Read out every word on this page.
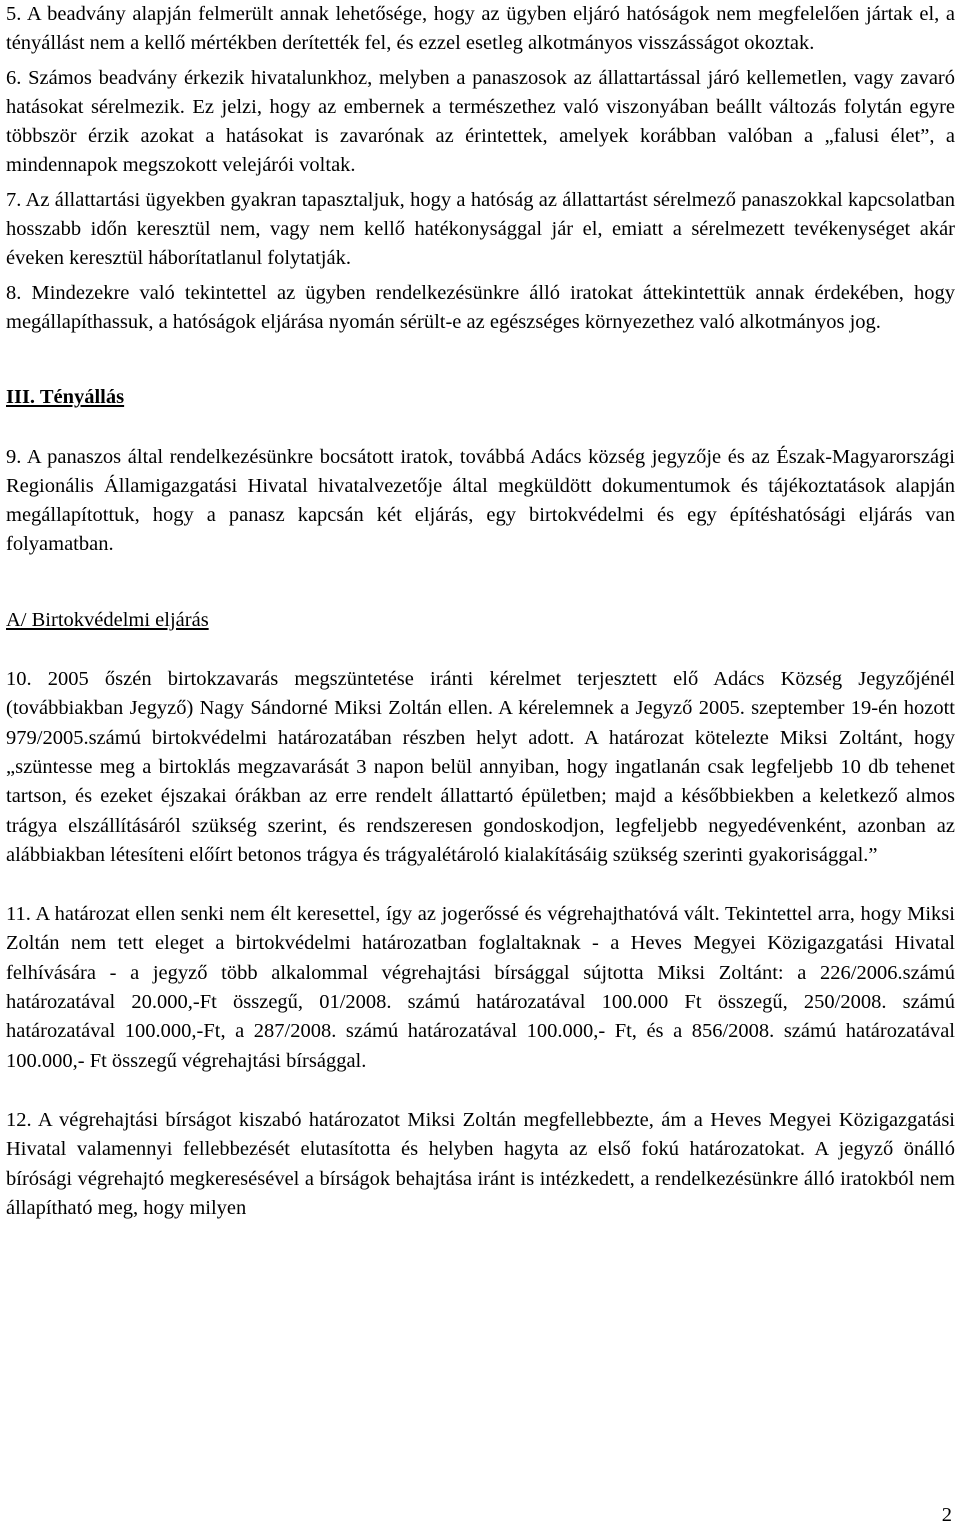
5. A beadvány alapján felmerült annak lehetősége, hogy az ügyben eljáró hatóságok nem megfelelően jártak el, a tényállást nem a kellő mértékben derítették fel, és ezzel esetleg alkotmányos visszásságot okoztak.

6. Számos beadvány érkezik hivatalunkhoz, melyben a panaszosok az állattartással járó kellemetlen, vagy zavaró hatásokat sérelmezik. Ez jelzi, hogy az embernek a természethez való viszonyában beállt változás folytán egyre többször érzik azokat a hatásokat is zavarónak az érintettek, amelyek korábban valóban a „falusi élet”, a mindennapok megszokott velejárói voltak.

7. Az állattartási ügyekben gyakran tapasztaljuk, hogy a hatóság az állattartást sérelmező panaszokkal kapcsolatban hosszabb időn keresztül nem, vagy nem kellő hatékonysággal jár el, emiatt a sérelmezett tevékenységet akár éveken keresztül háborítatlanul folytatják.

8. Mindezekre való tekintettel az ügyben rendelkezésünkre álló iratokat áttekintettük annak érdekében, hogy megállapíthassuk, a hatóságok eljárása nyomán sérült-e az egészséges környezethez való alkotmányos jog.

III. Tényállás

9. A panaszos által rendelkezésünkre bocsátott iratok, továbbá Adács község jegyzője és az Észak-Magyarországi Regionális Államigazgatási Hivatal hivatalvezetője által megküldött dokumentumok és tájékoztatások alapján megállapítottuk, hogy a panasz kapcsán két eljárás, egy birtokvédelmi és egy építéshatósági eljárás van folyamatban.

A/ Birtokvédelmi eljárás

10. 2005 őszén birtokzavarás megszüntetése iránti kérelmet terjesztett elő Adács Község Jegyzőjénél (továbbiakban Jegyző) Nagy Sándorné Miksi Zoltán ellen. A kérelemnek a Jegyző 2005. szeptember 19-én hozott 979/2005.számú birtokvédelmi határozatában részben helyt adott. A határozat kötelezte Miksi Zoltánt, hogy „szüntesse meg a birtoklás megzavarását 3 napon belül annyiban, hogy ingatlanán csak legfeljebb 10 db tehenet tartson, és ezeket éjszakai órákban az erre rendelt állattartó épületben; majd a későbbiekben a keletkező almos trágya elszállításáról szükség szerint, és rendszeresen gondoskodjon, legfeljebb negyedévenként, azonban az alábbiakban létesíteni előírt betonos trágya és trágyalétároló kialakításáig szükség szerinti gyakorisággal.”

11. A határozat ellen senki nem élt keresettel, így az jogerőssé és végrehajthatóvá vált. Tekintettel arra, hogy Miksi Zoltán nem tett eleget a birtokvédelmi határozatban foglaltaknak - a Heves Megyei Közigazgatási Hivatal felhívására - a jegyző több alkalommal végrehajtási bírsággal sújtotta Miksi Zoltánt: a 226/2006.számú határozatával 20.000,-Ft összegű, 01/2008. számú határozatával 100.000 Ft összegű, 250/2008. számú határozatával 100.000,-Ft, a 287/2008. számú határozatával 100.000,- Ft, és a 856/2008. számú határozatával 100.000,- Ft összegű végrehajtási bírsággal.

12. A végrehajtási bírságot kiszabó határozatot Miksi Zoltán megfellebbezte, ám a Heves Megyei Közigazgatási Hivatal valamennyi fellebbezését elutasította és helyben hagyta az első fokú határozatokat. A jegyző önálló bírósági végrehajtó megkeresésével a bírságok behajtása iránt is intézkedett, a rendelkezésünkre álló iratokból nem állapítható meg, hogy milyen

2
